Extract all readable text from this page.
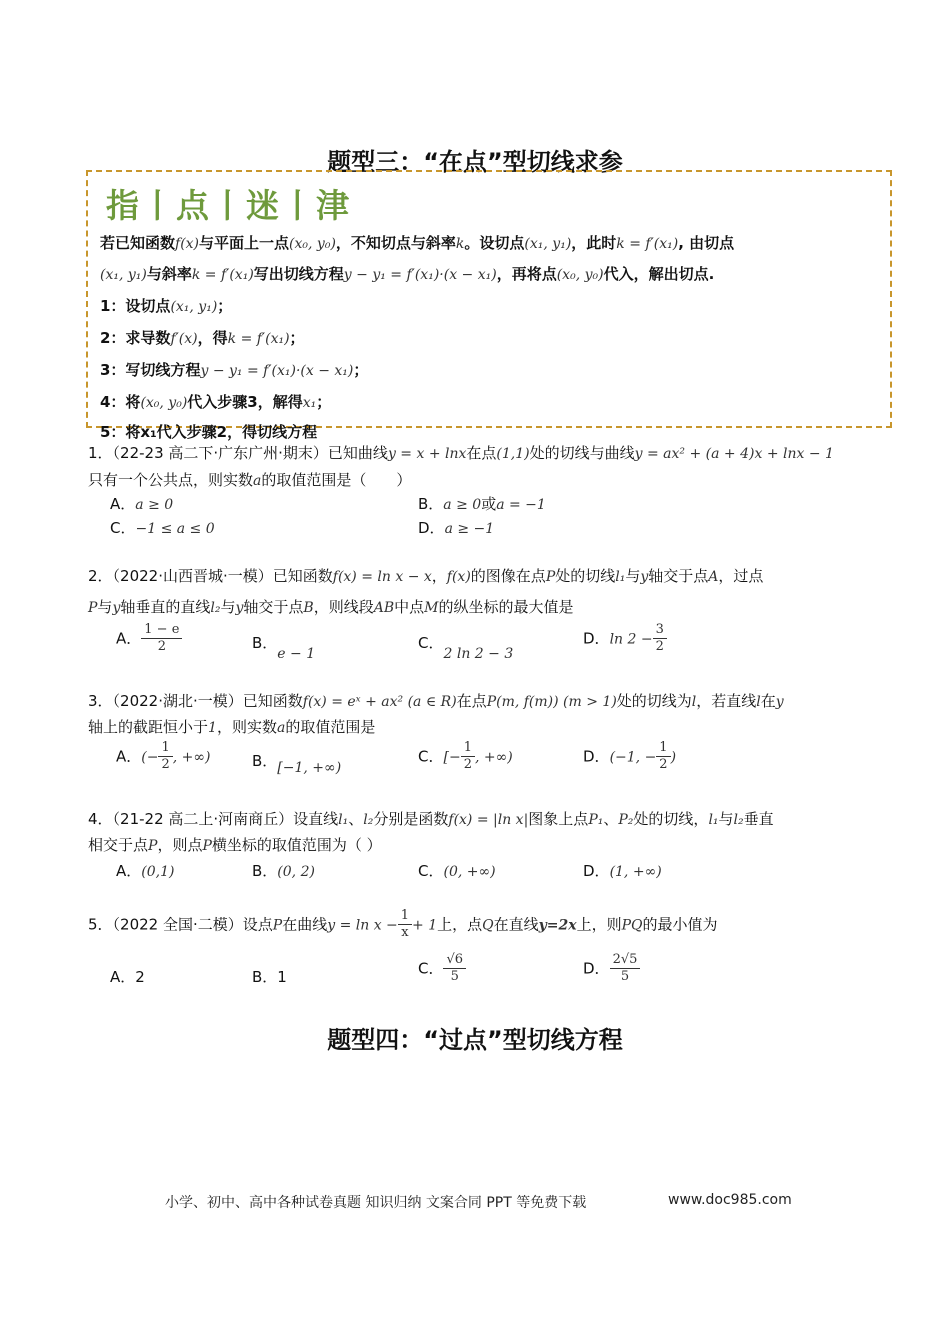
题型三：“在点”型切线求参
指丨点丨迷丨津
若已知函数f(x)与平面上一点(x₀, y₀)，不知切点与斜率k。设切点(x₁, y₁)，此时k = f′(x₁), 由切点
(x₁, y₁)与斜率k = f′(x₁)写出切线方程y − y₁ = f′(x₁)·(x − x₁)，再将点(x₀, y₀)代入，解出切点.
1：设切点(x₁, y₁)；
2：求导数f′(x)，得k = f′(x₁)；
3：写切线方程y − y₁ = f′(x₁)·(x − x₁)；
4：将(x₀, y₀)代入步骤3，解得x₁；
5：将x₁代入步骤2，得切线方程
1．（22-23 高二下·广东广州·期末）已知曲线y = x + lnx在点(1,1)处的切线与曲线y = ax² + (a + 4)x + lnx − 1
只有一个公共点，则实数a的取值范围是（　　）
A．a ≥ 0	B．a ≥ 0或a = −1
C．−1 ≤ a ≤ 0	D．a ≥ −1
2．（2022·山西晋城·一模）已知函数f(x) = ln x − x，f(x)的图像在点P处的切线l₁与y轴交于点A，过点
P与y轴垂直的直线l₂与y轴交于点B，则线段AB中点M的纵坐标的最大值是
A． $\frac{1 - e}{2}$	B．e − 1
C．2 ln 2 − 3
D．$\ln 2 - \frac{3}{2}$
3．（2022·湖北·一模）已知函数f(x) = eˣ + ax² (a ∈ R)在点P(m, f(m)) (m > 1)处的切线为l，若直线l在y
轴上的截距恒小于1，则实数a的取值范围是
A．(− $\frac{1}{2}$ , +∞)	B．[−1, +∞)
C．[− $\frac{1}{2}$ , +∞)	D．(−1, − $\frac{1}{2}$ )
4．（21-22 高二上·河南商丘）设直线l₁、l₂分别是函数f(x) = |ln x|图象上点P₁、P₂处的切线，l₁与l₂垂直
相交于点P，则点P横坐标的取值范围为（ ）
A．(0,1)	B．(0, 2)	C．(0, +∞)	D．(1, +∞)
5．（2022 全国·二模）设点P在曲线$y = \ln x - \frac{1}{x} + 1$上，点Q在直线y=2x上，则PQ的最小值为
A．2	B．1	C． $\frac{√6}{5}$	D． $\frac{2√5}{5}$
题型四：“过点”型切线方程
小学、初中、高中各种试卷真题 知识归纳 文案合同 PPT 等免费下载	www.doc985.com
